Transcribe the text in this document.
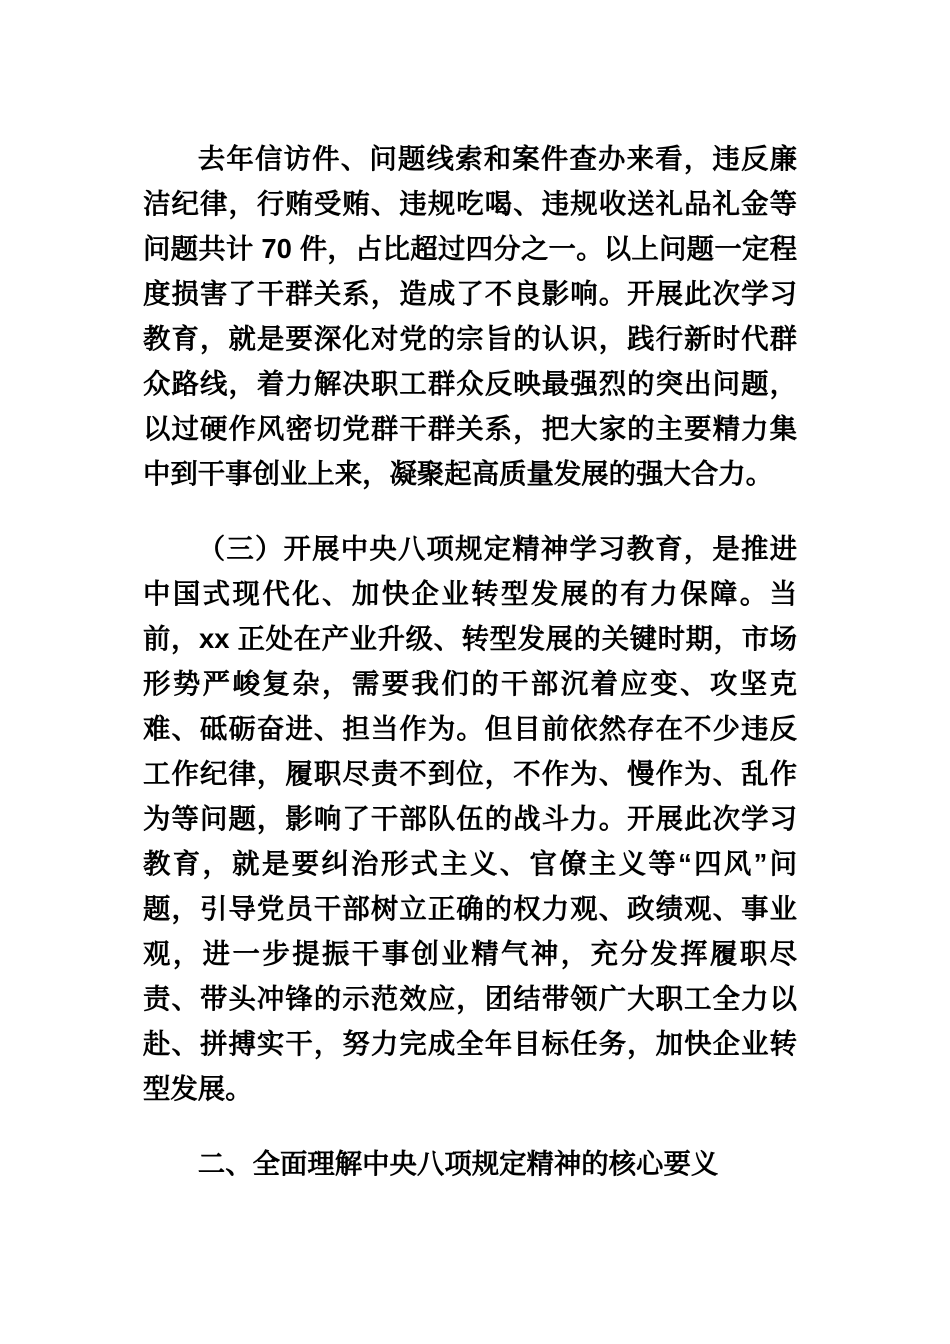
去年信访件、问题线索和案件查办来看，违反廉洁纪律，行贿受贿、违规吃喝、违规收送礼品礼金等问题共计 70 件，占比超过四分之一。以上问题一定程度损害了干群关系，造成了不良影响。开展此次学习教育，就是要深化对党的宗旨的认识，践行新时代群众路线，着力解决职工群众反映最强烈的突出问题，以过硬作风密切党群干群关系，把大家的主要精力集中到干事创业上来，凝聚起高质量发展的强大合力。

（三）开展中央八项规定精神学习教育，是推进中国式现代化、加快企业转型发展的有力保障。当前，xx 正处在产业升级、转型发展的关键时期，市场形势严峻复杂，需要我们的干部沉着应变、攻坚克难、砥砺奋进、担当作为。但目前依然存在不少违反工作纪律，履职尽责不到位，不作为、慢作为、乱作为等问题，影响了干部队伍的战斗力。开展此次学习教育，就是要纠治形式主义、官僚主义等“四风”问题，引导党员干部树立正确的权力观、政绩观、事业观，进一步提振干事创业精气神，充分发挥履职尽责、带头冲锋的示范效应，团结带领广大职工全力以赴、拼搏实干，努力完成全年目标任务，加快企业转型发展。

二、全面理解中央八项规定精神的核心要义
